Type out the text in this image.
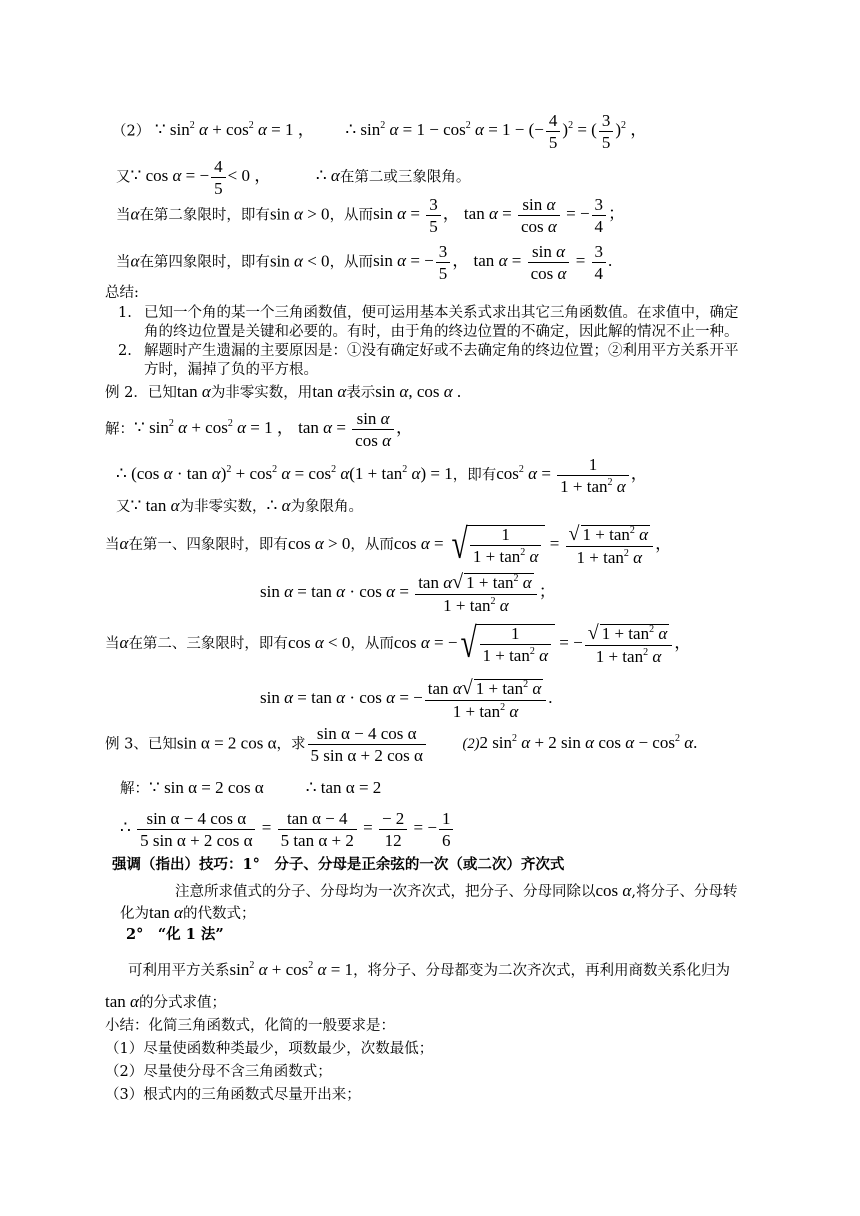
（2） ∵ $\sin^2 \alpha + \cos^2 \alpha = 1$ ， ∴ $\sin^2 \alpha = 1 - \cos^2 \alpha = 1$ − (− $\frac{4}{5} )^2$ = ( $\frac{3}{5} )^2$ ，
又∵ cos α = − $\frac{4}{5} < 0$ ，	∴ α在第二或三象限角。
当α在第二象限时，即有sin α > 0，从而$\sin \alpha = \frac{3}{5}$ ， $\tan \alpha = \frac{\text{sin α}}{\text{cos α}}$ = − $\frac{3}{4}$ ；
当α在第四象限时，即有sin α < 0，从而sin α = − $\frac{3}{5}$ ， $\tan \alpha = \frac{\text{sin α}}{\text{cos α}} = \frac{3}{4}$ .
总结:
1. 已知一个角的某一个三角函数值，便可运用基本关系式求出其它三角函数值。在求值中，确定
角的终边位置是关键和必要的。有时，由于角的终边位置的不确定，因此解的情况不止一种。
2. 解题时产生遗漏的主要原因是：①没有确定好或不去确定角的终边位置；②利用平方关系开平
方时，漏掉了负的平方根。
例 2．已知tan α为非零实数，用tan α表示sin α, cos α .
解：∵ $\sin^2 \alpha + \cos^2 \alpha = 1$ ， $\tan \alpha = \frac{\text{sin α}}{\text{cos α}}$ ，
∴ (cos $\alpha \cdot \tan \alpha)^2 + \cos^2 \alpha = \cos^2 \alpha(1 + \tan^2 \alpha) = 1$，即有$\cos^2 \alpha = \frac{1}{1 + \tan^2 \alpha}$ ，
又∵ tan α为非零实数，∴ α为象限角。
当α在第一、四象限时，即有cos α > 0，从而cos α = √ $\frac{1}{1 + \tan^2 \alpha} = \frac{√ 1 + \tan^2 \alpha}{1 + \tan^2 \alpha}$ ，
$\sin \alpha = \tan \alpha \cdot \cos \alpha = \frac{\tan \alpha√ 1 + \tan^2 \alpha}{1 + \tan^2 \alpha}$ ；
当α在第二、三象限时，即有cos α < 0，从而cos α = −√ $\frac{1}{1 + \tan^2 \alpha}$ = − $\frac{√ 1 + \tan^2 \alpha}{1 + \tan^2 \alpha}$ ，
sin α = tan α · cos α = − $\frac{\tan \alpha√ 1 + \tan^2 \alpha}{1 + \tan^2 \alpha}$ .
例 3、已知sin α = 2 cos α，求 $\frac{\text{sin α − 4 cos α}}{\text{5 sin α + 2 cos α}}$	(2)2 $\sin^2 \alpha + 2$ sin α $\cos \alpha - \cos^2 \alpha$.
解：∵ sin α = 2 cos α ∴ tan α = 2
∴ $\frac{\text{sin α − 4 cos α}}{\text{5 sin α + 2 cos α}} = \frac{\text{tan α − 4}}{\text{5 tan α + 2}} = \frac{- 2}{12}$ = − $\frac{1}{6}$
强调（指出）技巧：1°　分子、分母是正余弦的一次（或二次）齐次式
注意所求值式的分子、分母均为一次齐次式，把分子、分母同除以cos α,将分子、分母转
化为tan α的代数式；
2°　“化 1 法”
可利用平方关系$\sin^2 \alpha + \cos^2 \alpha = 1$，将分子、分母都变为二次齐次式，再利用商数关系化归为
tan α的分式求值；
小结：化简三角函数式，化简的一般要求是：
（1）尽量使函数种类最少，项数最少，次数最低；
（2）尽量使分母不含三角函数式；
（3）根式内的三角函数式尽量开出来；
